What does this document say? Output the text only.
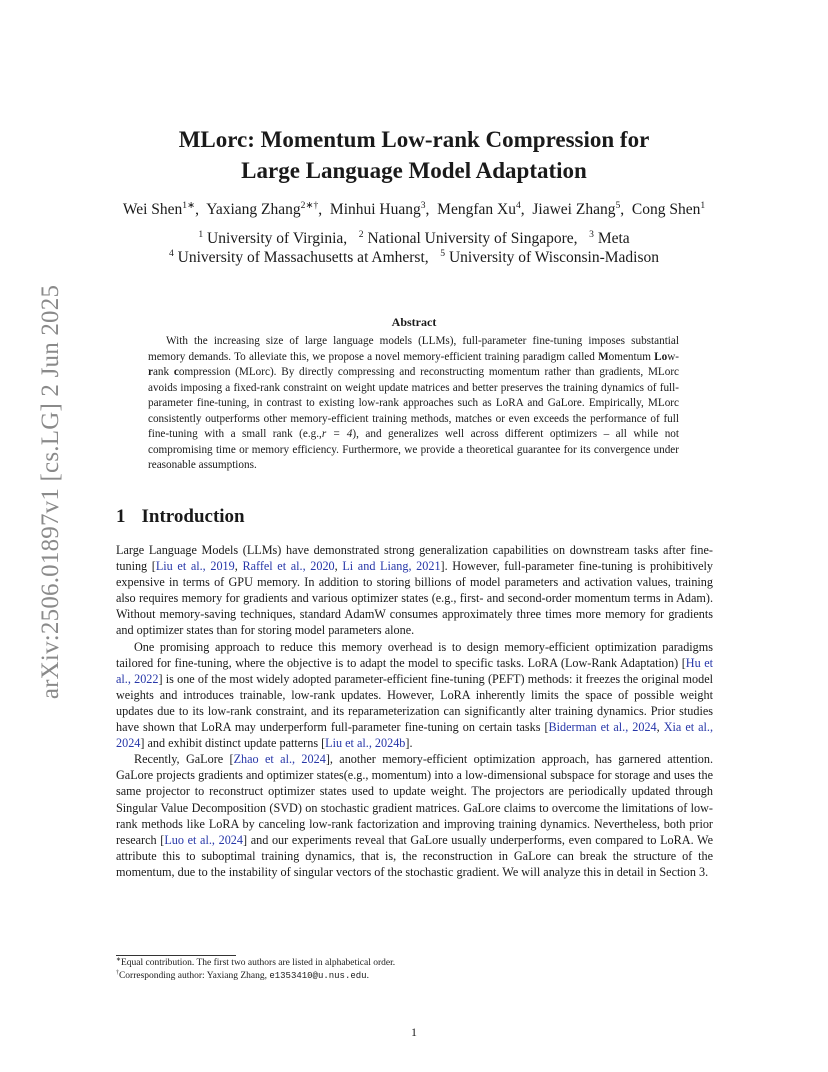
arXiv:2506.01897v1 [cs.LG] 2 Jun 2025
MLorc: Momentum Low-rank Compression for
Large Language Model Adaptation
Wei Shen$^{1∗}$,  Yaxiang Zhang$^{2∗\dagger}$,  Minhui Huang$^3$,  Mengfan Xu$^4$,  Jiawei Zhang$^5$,  Cong Shen$^1$
$^1$ University of Virginia, $^2$ National University of Singapore, $^3$ Meta
$^4$ University of Massachusetts at Amherst, $^5$ University of Wisconsin-Madison
Abstract
With the increasing size of large language models (LLMs), full-parameter fine-tuning imposes substantial memory demands. To alleviate this, we propose a novel memory-efficient training paradigm called Momentum Low-rank compression (MLorc). By directly compressing and reconstructing momentum rather than gradients, MLorc avoids imposing a fixed-rank constraint on weight update matrices and better preserves the training dynamics of full-parameter fine-tuning, in contrast to existing low-rank approaches such as LoRA and GaLore. Empirically, MLorc consistently outperforms other memory-efficient training methods, matches or even exceeds the performance of full fine-tuning with a small rank (e.g.,r = 4), and generalizes well across different optimizers – all while not compromising time or memory efficiency. Furthermore, we provide a theoretical guarantee for its convergence under reasonable assumptions.
1 Introduction

Large Language Models (LLMs) have demonstrated strong generalization capabilities on downstream tasks after fine-tuning [Liu et al., 2019, Raffel et al., 2020, Li and Liang, 2021]. However, full-parameter fine-tuning is prohibitively expensive in terms of GPU memory. In addition to storing billions of model parameters and activation values, training also requires memory for gradients and various optimizer states (e.g., first- and second-order momentum terms in Adam). Without memory-saving techniques, standard AdamW consumes approximately three times more memory for gradients and optimizer states than for storing model parameters alone.

One promising approach to reduce this memory overhead is to design memory-efficient optimization paradigms tailored for fine-tuning, where the objective is to adapt the model to specific tasks. LoRA (Low-Rank Adaptation) [Hu et al., 2022] is one of the most widely adopted parameter-efficient fine-tuning (PEFT) methods: it freezes the original model weights and introduces trainable, low-rank updates. However, LoRA inherently limits the space of possible weight updates due to its low-rank constraint, and its reparameterization can significantly alter training dynamics. Prior studies have shown that LoRA may underperform full-parameter fine-tuning on certain tasks [Biderman et al., 2024, Xia et al., 2024] and exhibit distinct update patterns [Liu et al., 2024b].

Recently, GaLore [Zhao et al., 2024], another memory-efficient optimization approach, has garnered attention. GaLore projects gradients and optimizer states(e.g., momentum) into a low-dimensional subspace for storage and uses the same projector to reconstruct optimizer states used to update weight. The projectors are periodically updated through Singular Value Decomposition (SVD) on stochastic gradient matrices. GaLore claims to overcome the limitations of low-rank methods like LoRA by canceling low-rank factorization and improving training dynamics. Nevertheless, both prior research [Luo et al., 2024] and our experiments reveal that GaLore usually underperforms, even compared to LoRA. We attribute this to suboptimal training dynamics, that is, the reconstruction in GaLore can break the structure of the momentum, due to the instability of singular vectors of the stochastic gradient. We will analyze this in detail in Section 3.

∗Equal contribution. The first two authors are listed in alphabetical order.
†Corresponding author: Yaxiang Zhang, e1353410@u.nus.edu.
1
